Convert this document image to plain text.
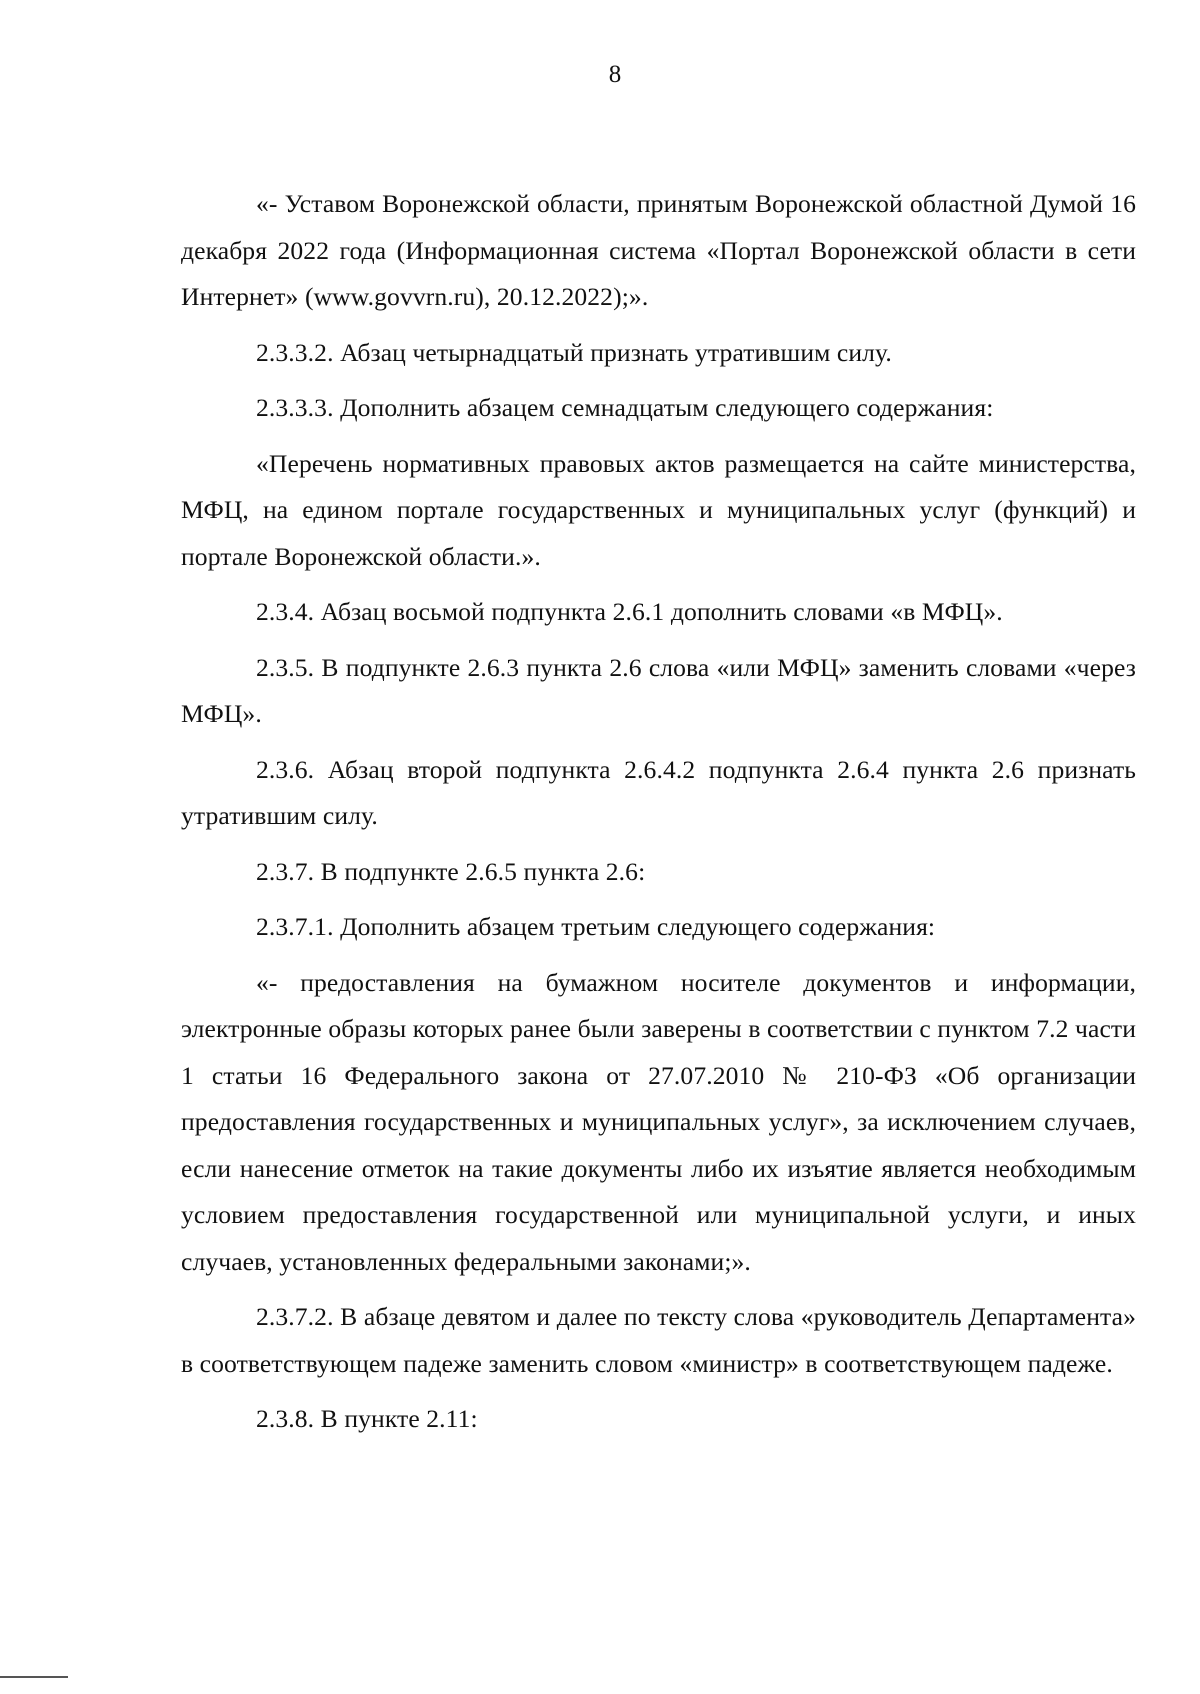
8

«- Уставом Воронежской области, принятым Воронежской областной Думой 16 декабря 2022 года (Информационная система «Портал Воронежской области в сети Интернет» (www.govvrn.ru), 20.12.2022);».

2.3.3.2. Абзац четырнадцатый признать утратившим силу.

2.3.3.3. Дополнить абзацем семнадцатым следующего содержания:

«Перечень нормативных правовых актов размещается на сайте министерства, МФЦ, на едином портале государственных и муниципальных услуг (функций) и портале Воронежской области.».

2.3.4. Абзац восьмой подпункта 2.6.1 дополнить словами «в МФЦ».

2.3.5. В подпункте 2.6.3 пункта 2.6 слова «или МФЦ» заменить словами «через МФЦ».

2.3.6. Абзац второй подпункта 2.6.4.2 подпункта 2.6.4 пункта 2.6 признать утратившим силу.

2.3.7. В подпункте 2.6.5 пункта 2.6:

2.3.7.1. Дополнить абзацем третьим следующего содержания:

«- предоставления на бумажном носителе документов и информации, электронные образы которых ранее были заверены в соответствии с пунктом 7.2 части 1 статьи 16 Федерального закона от 27.07.2010 № 210-ФЗ «Об организации предоставления государственных и муниципальных услуг», за исключением случаев, если нанесение отметок на такие документы либо их изъятие является необходимым условием предоставления государственной или муниципальной услуги, и иных случаев, установленных федеральными законами;».

2.3.7.2. В абзаце девятом и далее по тексту слова «руководитель Департамента» в соответствующем падеже заменить словом «министр» в соответствующем падеже.

2.3.8. В пункте 2.11:
